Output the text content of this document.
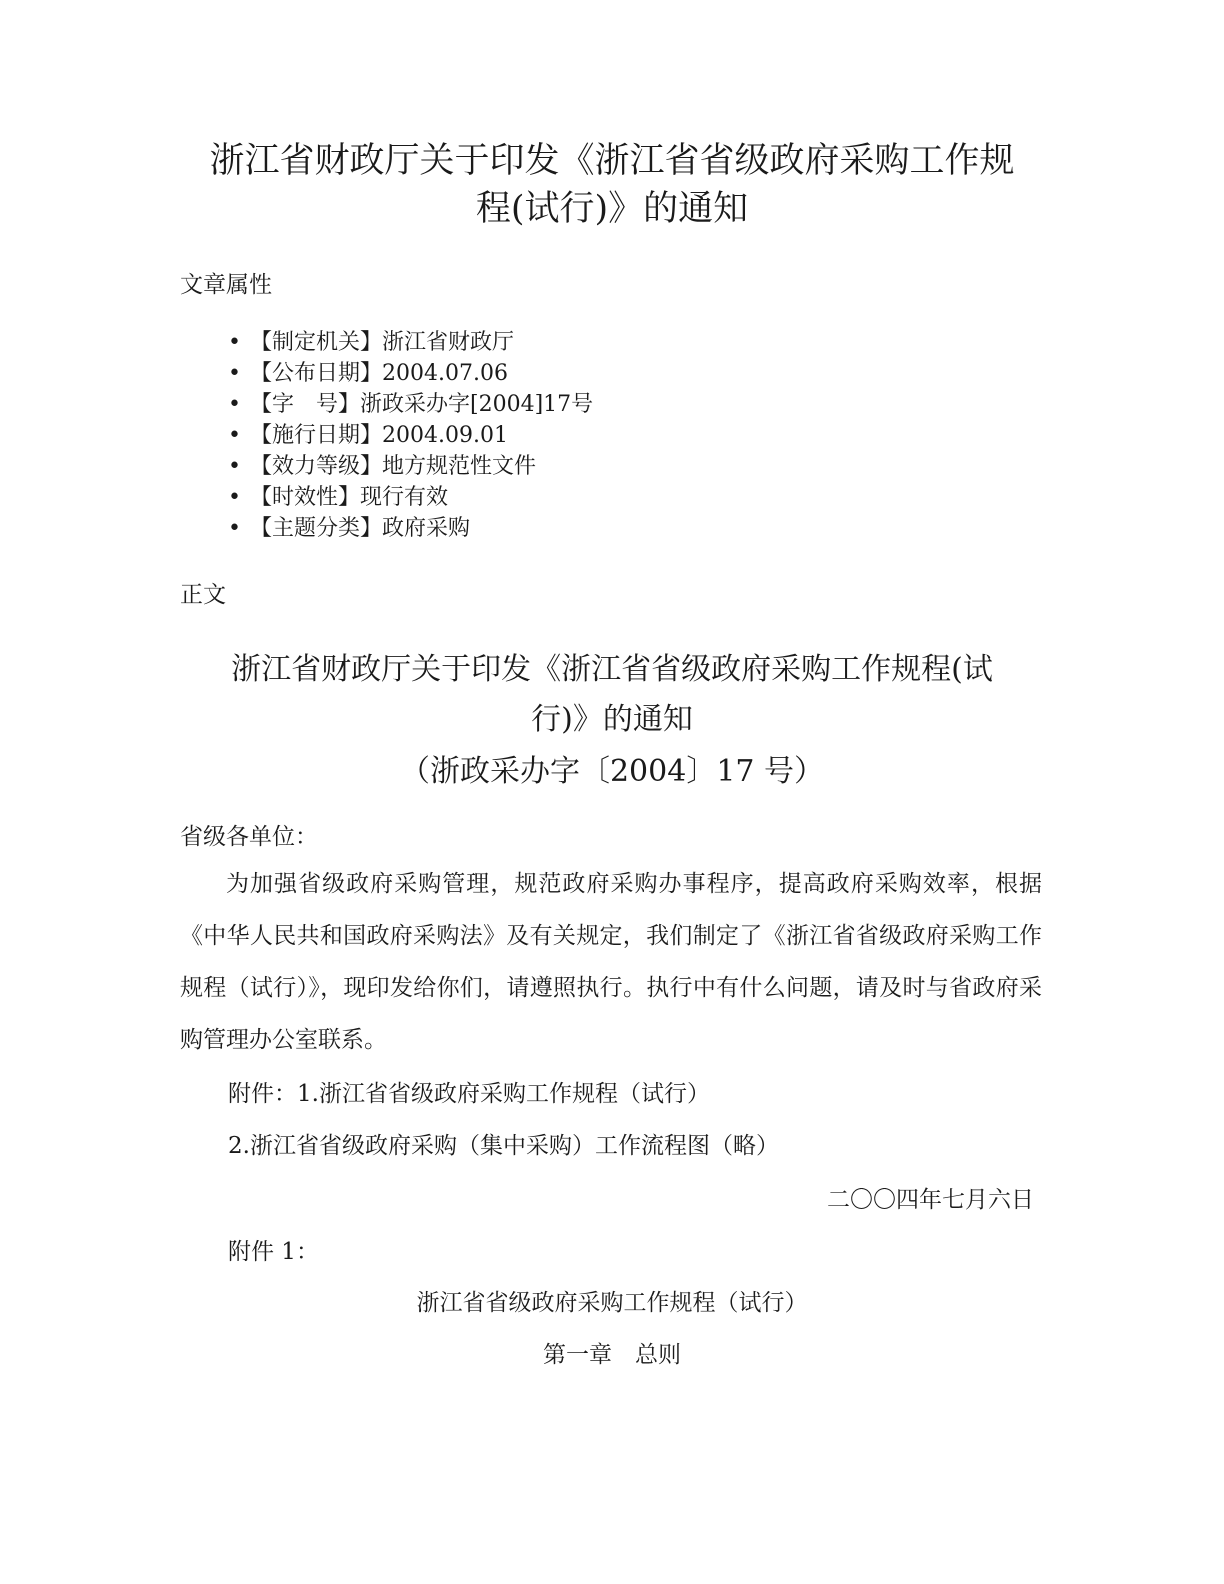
浙江省财政厅关于印发《浙江省省级政府采购工作规
程(试行)》的通知
文章属性
• 【制定机关】浙江省财政厅
• 【公布日期】2004.07.06
• 【字　号】浙政采办字[2004]17号
• 【施行日期】2004.09.01
• 【效力等级】地方规范性文件
• 【时效性】现行有效
• 【主题分类】政府采购
正文
浙江省财政厅关于印发《浙江省省级政府采购工作规程(试
行)》的通知
（浙政采办字〔2004〕17 号）
省级各单位：
为加强省级政府采购管理，规范政府采购办事程序，提高政府采购效率，根据《中华人民共和国政府采购法》及有关规定，我们制定了《浙江省省级政府采购工作规程（试行）》，现印发给你们，请遵照执行。执行中有什么问题，请及时与省政府采购管理办公室联系。
附件：1.浙江省省级政府采购工作规程（试行）
2.浙江省省级政府采购（集中采购）工作流程图（略）
二〇〇四年七月六日
附件 1：
浙江省省级政府采购工作规程（试行）
第一章　总则
